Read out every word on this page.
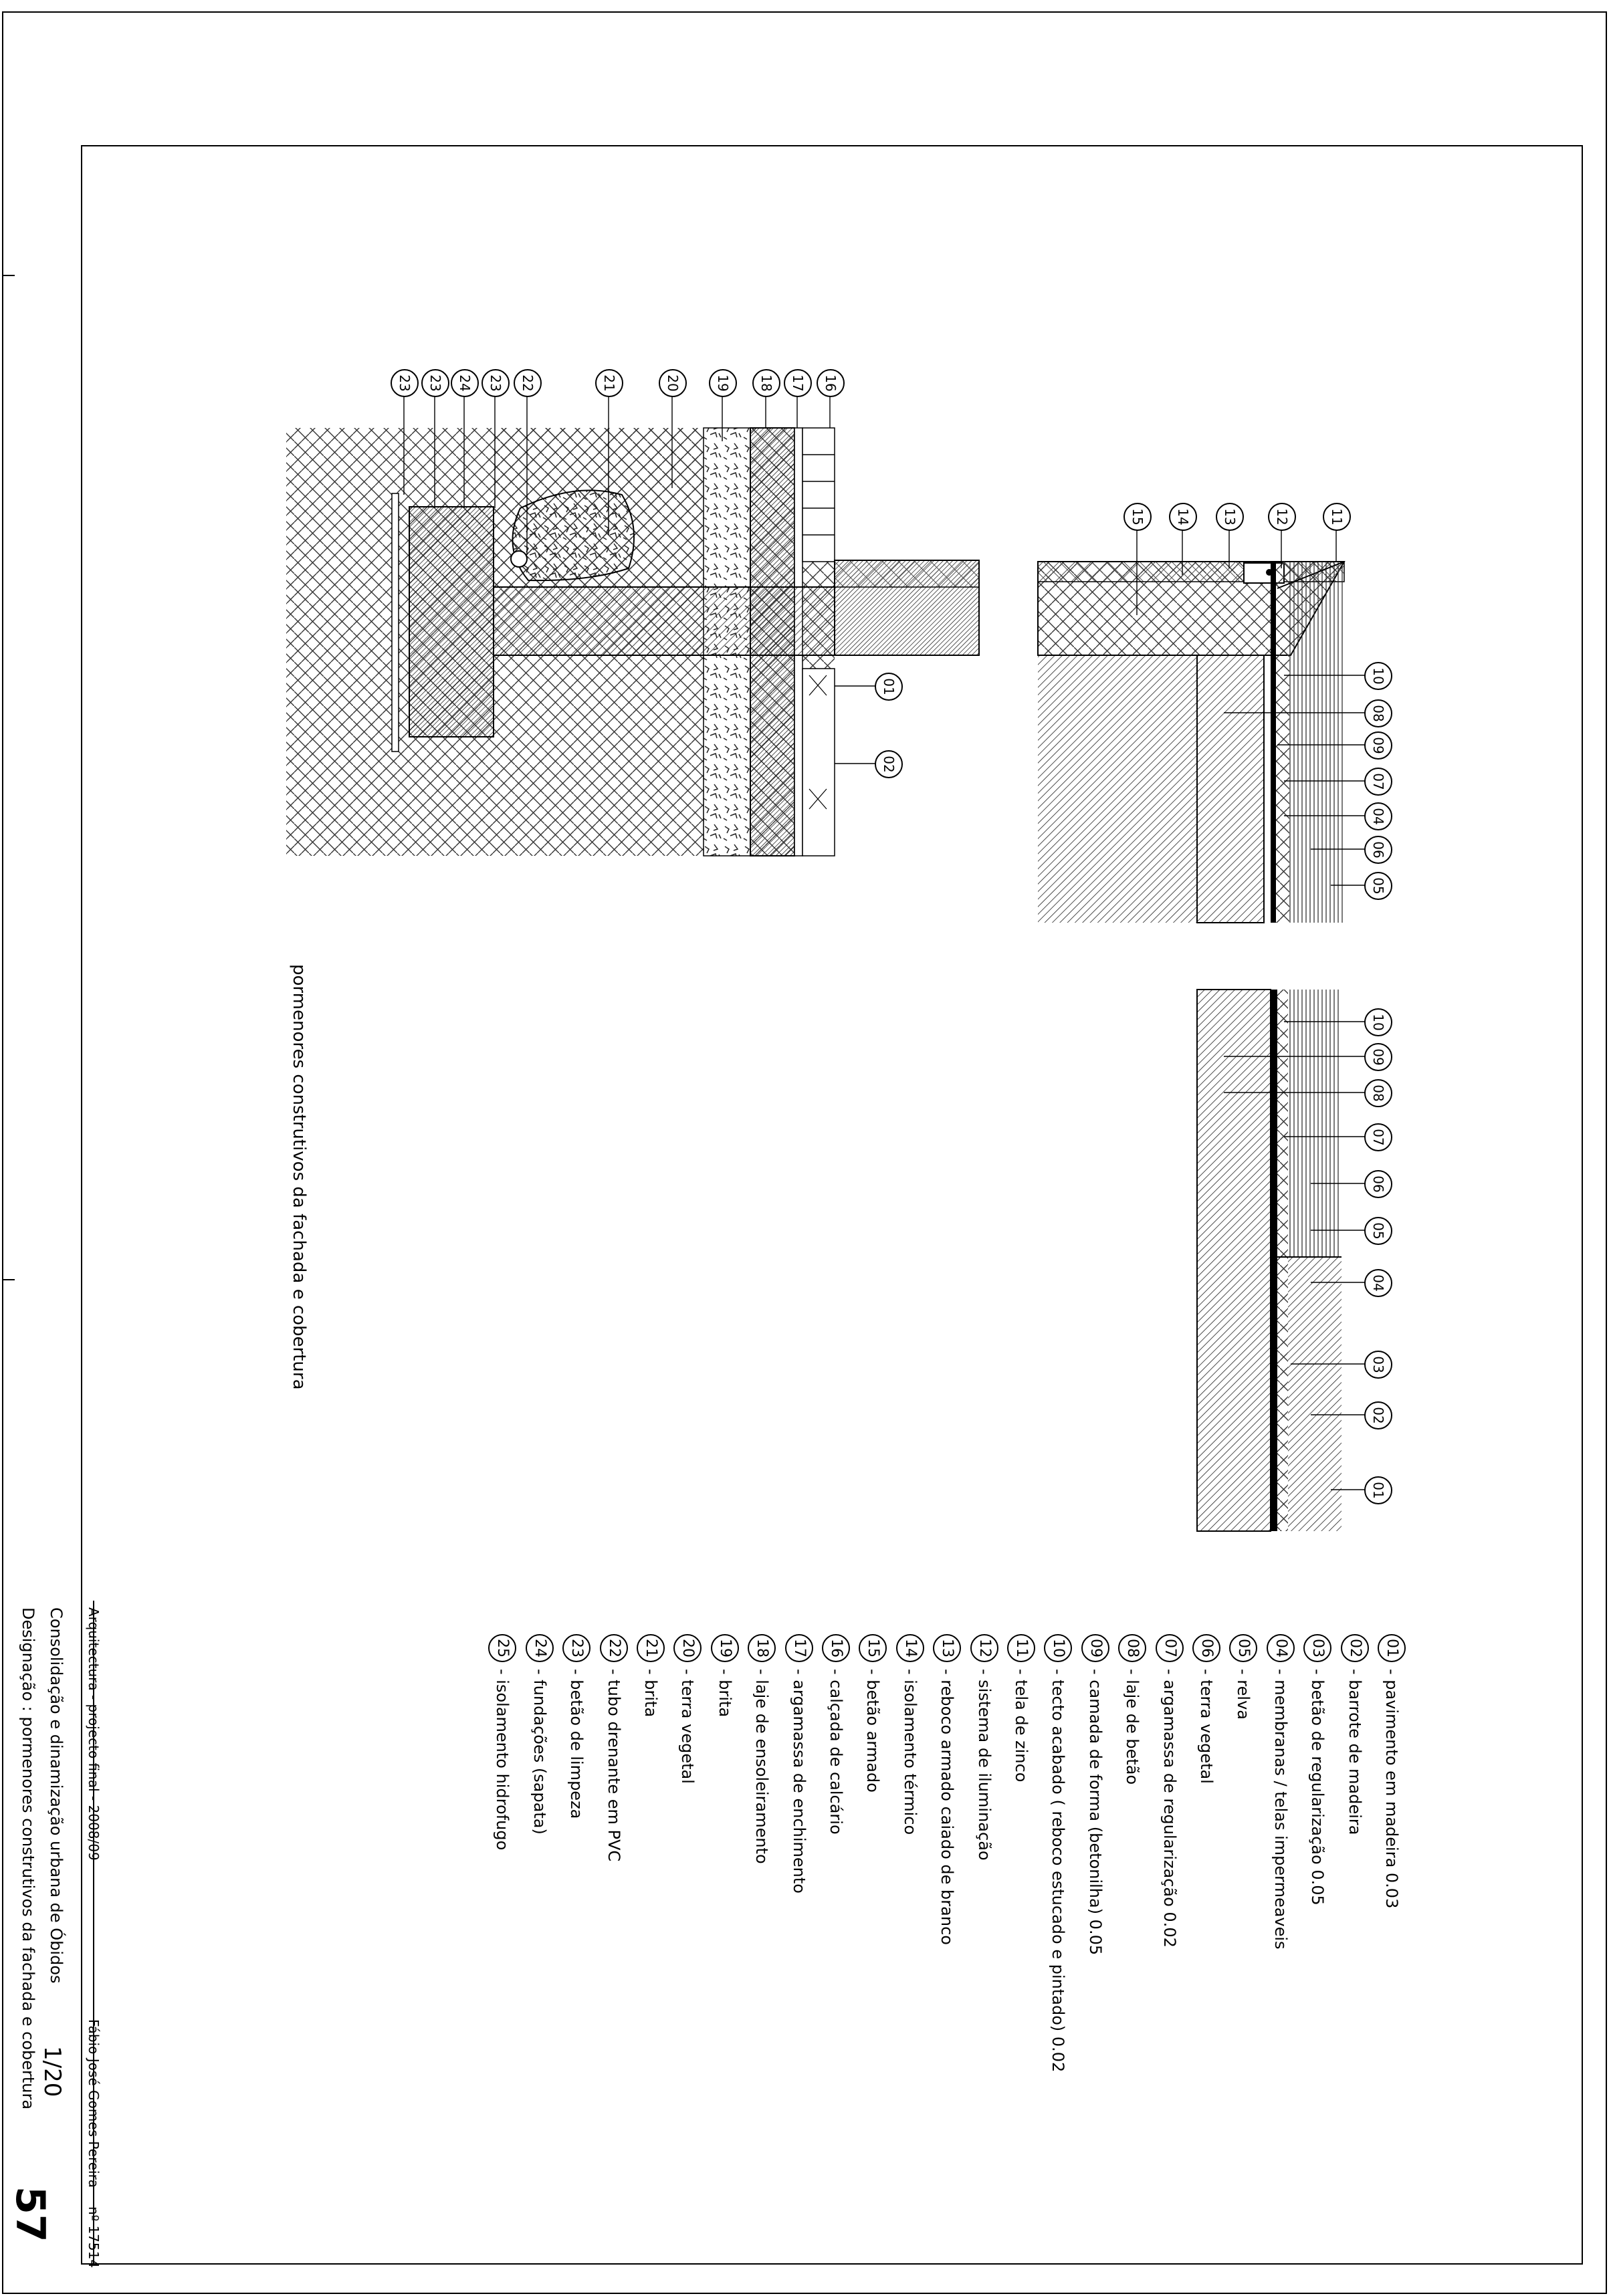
16
17
18
19
20
21
22
23
24
23
23
11
12
13
14
15
01
02
10
08
09
07
04
06
05
10
09
08
07
06
05
04
03
02
01
pormenores construtivos da fachada e cobertura
01
- pavimento em madeira 0.03
02
- barrote de madeira
03
- betão de regularização 0.05
04
- membranas / telas impermeaveis
05
- relva
06
- terra vegetal
07
- argamassa de regularização 0.02
08
- laje de betão
09
- camada de forma (betonilha) 0.05
10
- tecto acabado ( reboco estucado e pintado) 0.02
11
- tela de zinco
12
- sistema de iluminação
13
- reboco armado caiado de branco
14
- isolamento térmico
15
- betão armado
16
- calçada de calcário
17
- argamassa de enchimento
18
- laje de ensoleiramento
19
- brita
20
- terra vegetal
21
- brita
22
- tubo drenante em PVC
23
- betão de limpeza
24
- fundações (sapata)
25
- isolamento hidrofugo
Arquitectura - projecto final - 2008/09
Consolidação e dinamização urbana de Óbidos
Designação : pormenores construtivos da fachada e cobertura	Fábio José Gomes Pereira
nº 17514
1/20
57
